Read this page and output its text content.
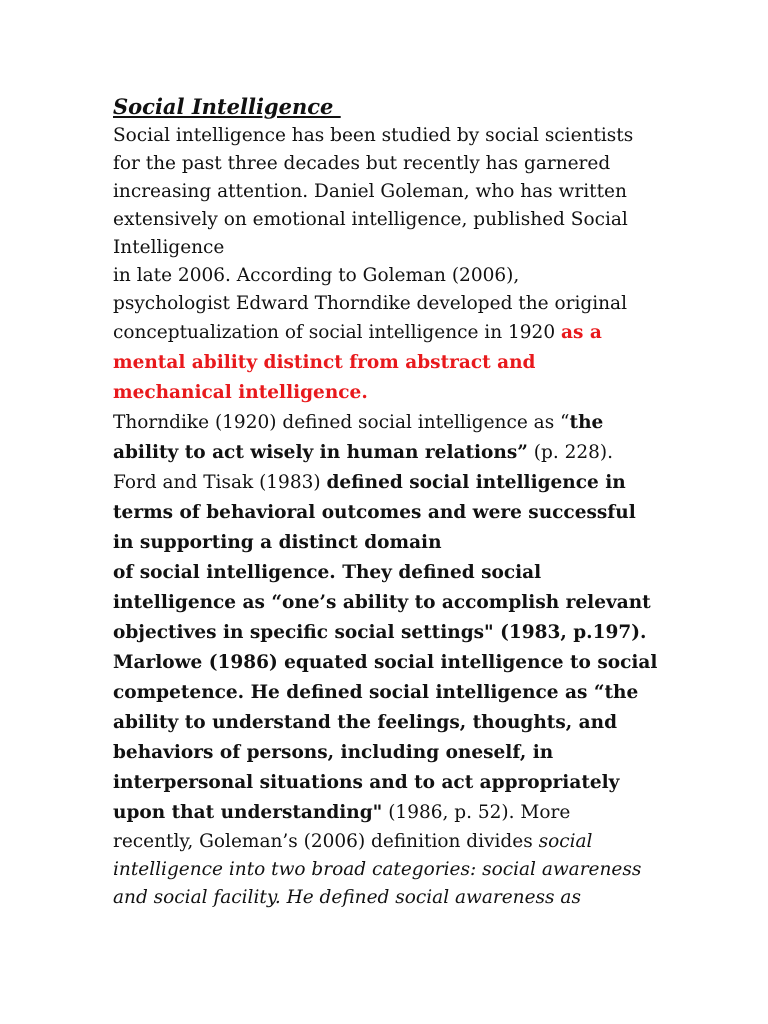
Social Intelligence
Social intelligence has been studied by social scientists
for the past three decades but recently has garnered
increasing attention. Daniel Goleman, who has written
extensively on emotional intelligence, published Social
Intelligence
in late 2006. According to Goleman (2006),
psychologist Edward Thorndike developed the original
conceptualization of social intelligence in 1920 as a
mental ability distinct from abstract and
mechanical intelligence.
Thorndike (1920) defined social intelligence as “the
ability to act wisely in human relations” (p. 228).
Ford and Tisak (1983) defined social intelligence in
terms of behavioral outcomes and were successful
in supporting a distinct domain
of social intelligence. They defined social
intelligence as “one’s ability to accomplish relevant
objectives in specific social settings" (1983, p.197).
Marlowe (1986) equated social intelligence to social
competence. He defined social intelligence as “the
ability to understand the feelings, thoughts, and
behaviors of persons, including oneself, in
interpersonal situations and to act appropriately
upon that understanding" (1986, p. 52). More
recently, Goleman’s (2006) definition divides social
intelligence into two broad categories: social awareness
and social facility. He defined social awareness as
